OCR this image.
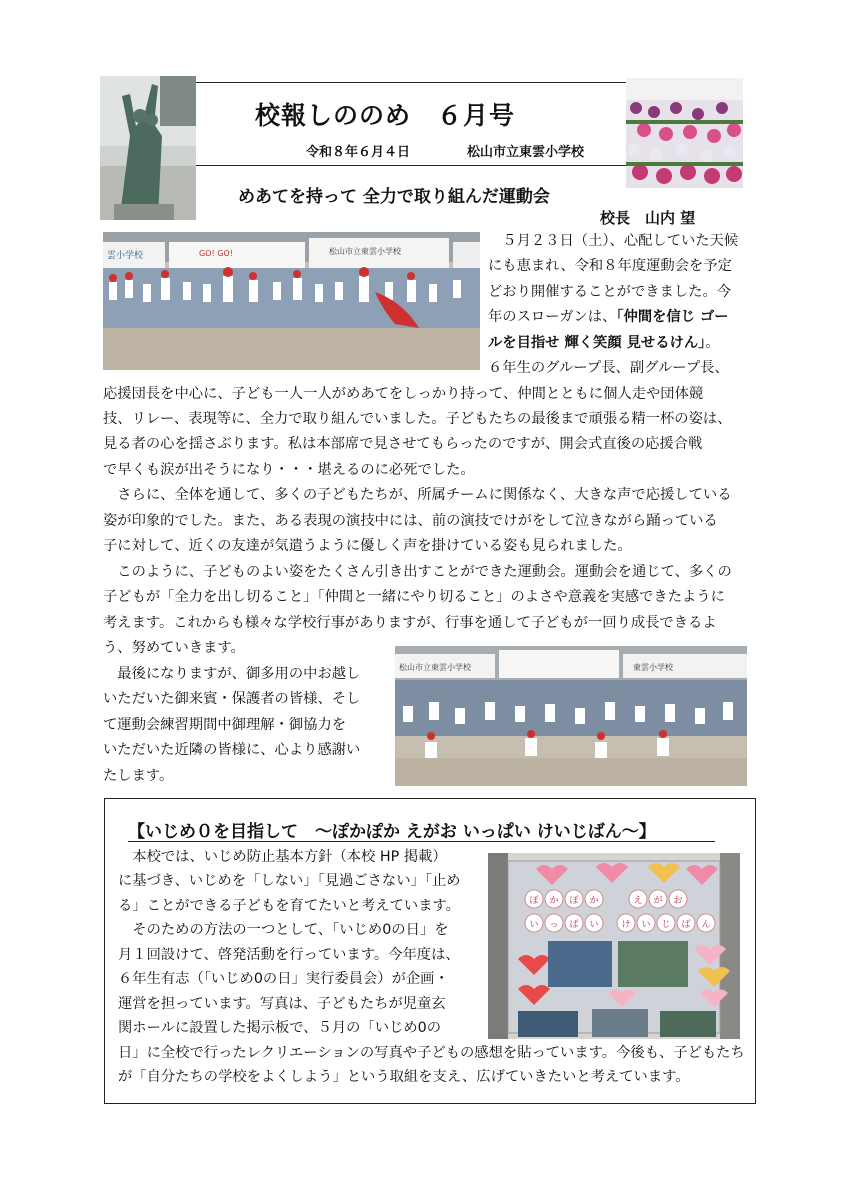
校報しののめ　６月号
令和８年６月４日	松山市立東雲小学校
めあてを持って 全力で取り組んだ運動会
校長　山内 望
雲小学校	GO! GO!	松山市立東雲小学校
　５月２３日（土）、心配していた天候
にも恵まれ、令和８年度運動会を予定
どおり開催することができました。今
年のスローガンは、「仲間を信じ ゴー
ルを目指せ 輝く笑顔 見せるけん」。
６年生のグループ長、副グループ長、
応援団長を中心に、子ども一人一人がめあてをしっかり持って、仲間とともに個人走や団体競
技、リレー、表現等に、全力で取り組んでいました。子どもたちの最後まで頑張る精一杯の姿は、
見る者の心を揺さぶります。私は本部席で見させてもらったのですが、開会式直後の応援合戦
で早くも涙が出そうになり・・・堪えるのに必死でした。
　さらに、全体を通して、多くの子どもたちが、所属チームに関係なく、大きな声で応援している
姿が印象的でした。また、ある表現の演技中には、前の演技でけがをして泣きながら踊っている
子に対して、近くの友達が気遣うように優しく声を掛けている姿も見られました。
　このように、子どものよい姿をたくさん引き出すことができた運動会。運動会を通じて、多くの
子どもが「全力を出し切ること」「仲間と一緒にやり切ること」のよさや意義を実感できたように
考えます。これからも様々な学校行事がありますが、行事を通して子どもが一回り成長できるよ
う、努めていきます。
　最後になりますが、御多用の中お越し
いただいた御来賓・保護者の皆様、そし
て運動会練習期間中御理解・御協力を
いただいた近隣の皆様に、心より感謝い
たします。
松山市立東雲小学校	東雲小学校
【いじめ０を目指して　～ぽかぽか えがお いっぱい けいじばん～】
　本校では、いじめ防止基本方針（本校 HP 掲載）
に基づき、いじめを「しない」「見過ごさない」「止め
る」ことができる子どもを育てたいと考えています。
　そのための方法の一つとして、「いじめ0の日」を
月１回設けて、啓発活動を行っています。今年度は、
６年生有志（「いじめ0の日」実行委員会）が企画・
運営を担っています。写真は、子どもたちが児童玄
関ホールに設置した掲示板で、５月の「いじめ0の
日」に全校で行ったレクリエーションの写真や子どもの感想を貼っています。今後も、子どもたち
が「自分たちの学校をよくしよう」という取組を支え、広げていきたいと考えています。
ぽ か ぽ か	え が お
い っ ぱ い	け い じ ば ん
